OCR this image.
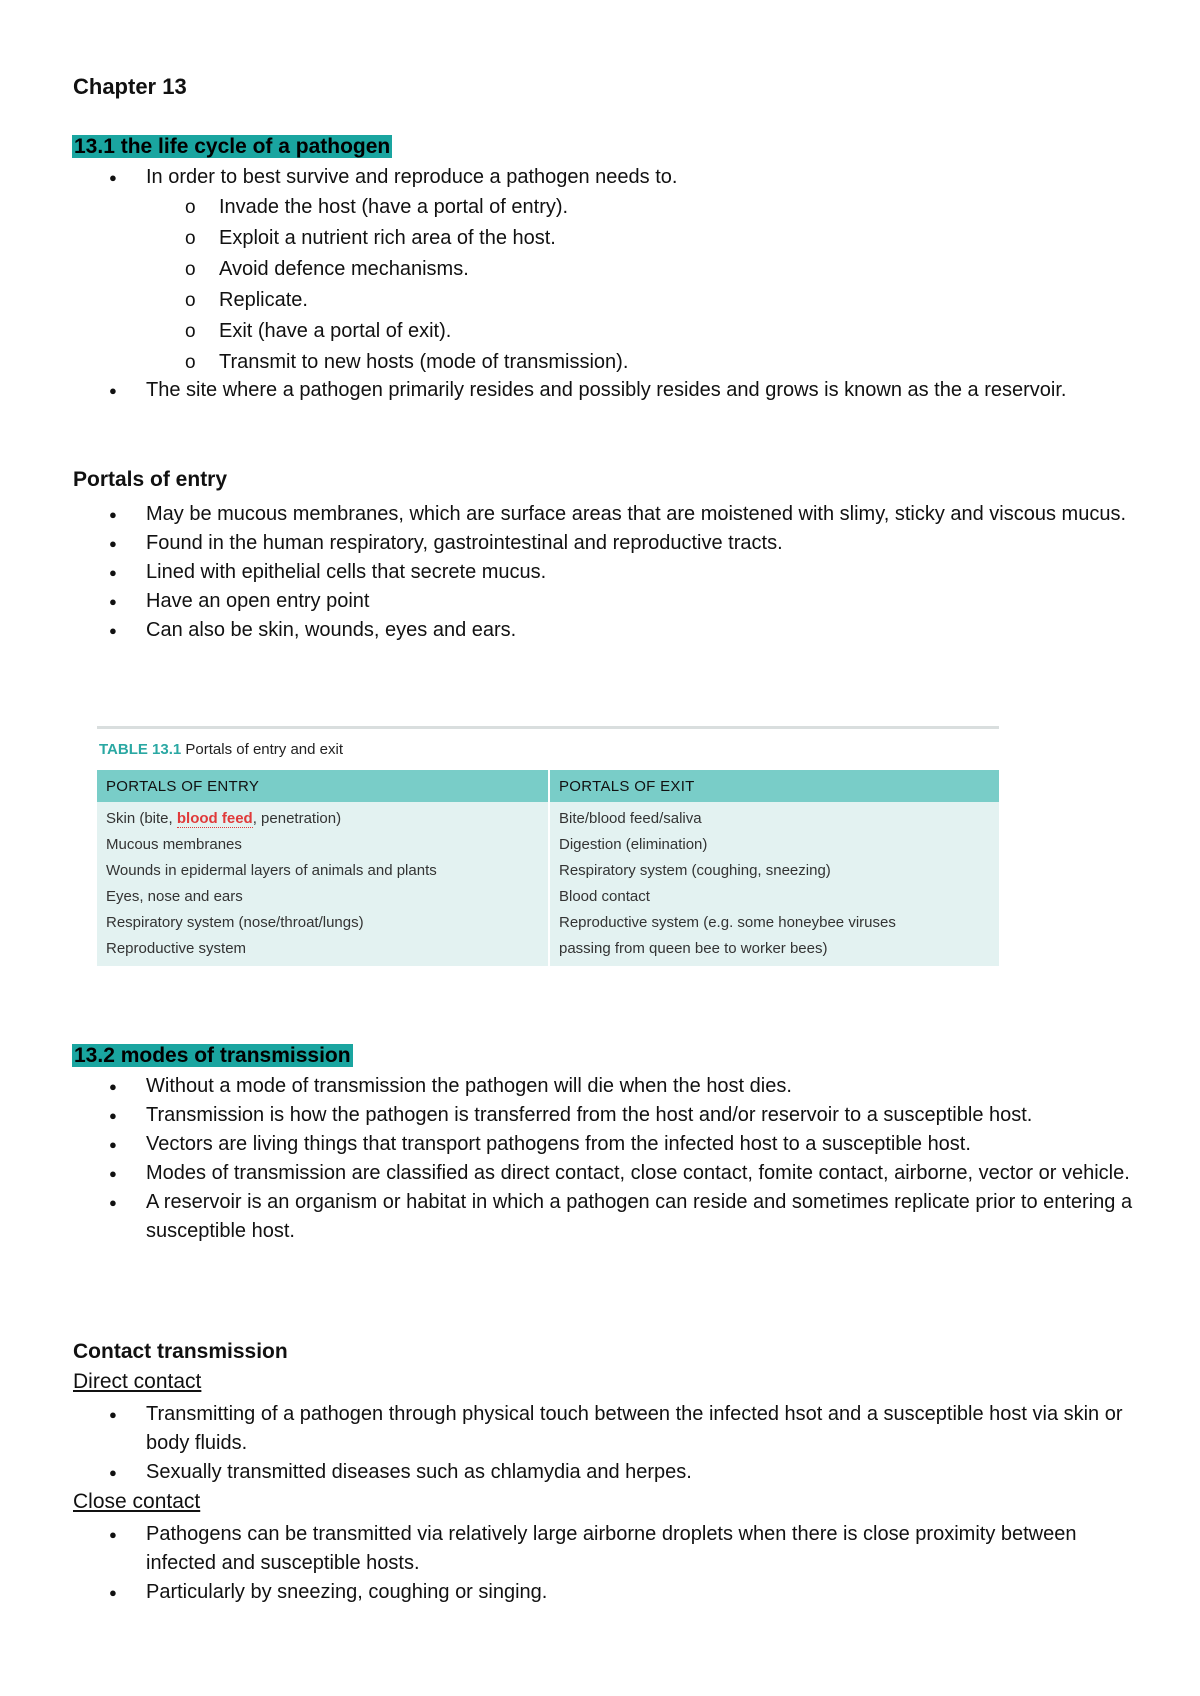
Chapter 13
13.1 the life cycle of a pathogen
● In order to best survive and reproduce a pathogen needs to.
o Invade the host (have a portal of entry).
o Exploit a nutrient rich area of the host.
o Avoid defence mechanisms.
o Replicate.
o Exit (have a portal of exit).
o Transmit to new hosts (mode of transmission).
● The site where a pathogen primarily resides and possibly resides and grows is known as the a reservoir.
Portals of entry
● May be mucous membranes, which are surface areas that are moistened with slimy, sticky and viscous mucus.
● Found in the human respiratory, gastrointestinal and reproductive tracts.
● Lined with epithelial cells that secrete mucus.
● Have an open entry point
● Can also be skin, wounds, eyes and ears.
TABLE 13.1 Portals of entry and exit
PORTALS OF ENTRY	PORTALS OF EXIT
Skin (bite, blood feed, penetration)	Bite/blood feed/saliva
Mucous membranes	Digestion (elimination)
Wounds in epidermal layers of animals and plants	Respiratory system (coughing, sneezing)
Eyes, nose and ears	Blood contact
Respiratory system (nose/throat/lungs)	Reproductive system (e.g. some honeybee viruses
Reproductive system	passing from queen bee to worker bees)
13.2 modes of transmission
● Without a mode of transmission the pathogen will die when the host dies.
● Transmission is how the pathogen is transferred from the host and/or reservoir to a susceptible host.
● Vectors are living things that transport pathogens from the infected host to a susceptible host.
● Modes of transmission are classified as direct contact, close contact, fomite contact, airborne, vector or vehicle.
● A reservoir is an organism or habitat in which a pathogen can reside and sometimes replicate prior to entering a susceptible host.
Contact transmission
Direct contact
● Transmitting of a pathogen through physical touch between the infected hsot and a susceptible host via skin or body fluids.
● Sexually transmitted diseases such as chlamydia and herpes.
Close contact
● Pathogens can be transmitted via relatively large airborne droplets when there is close proximity between infected and susceptible hosts.
● Particularly by sneezing, coughing or singing.
